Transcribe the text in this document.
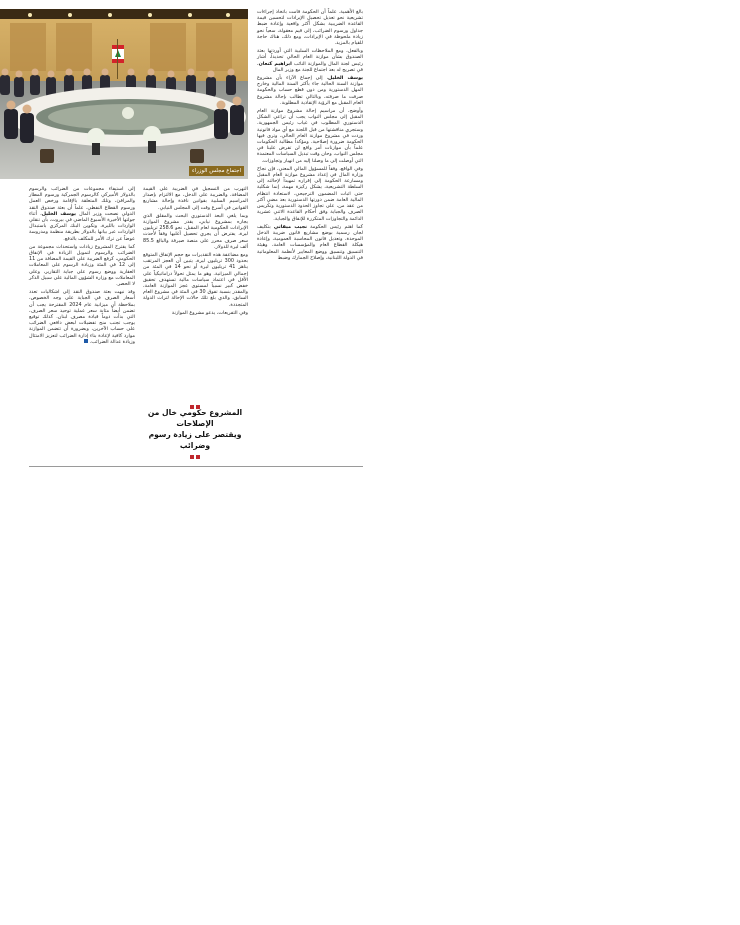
اجتماع مجلس الوزراء

بالغ الأهمية. علماً أن الحكومة قامت باتخاذ إجراءات تشريعية نحو تعديل تحصيل الإيرادات لتحسين قيمة القاعدة الضريبية بشكل أكثر واقعية وإعادة ضبط جداول ورسوم الضرائب، إلى قيم معقولة، سعياً نحو زيادة ملحوظة في الإيرادات، ومع ذلك، هناك حاجة للقيام بالمزيد.

وبالفعل، ومع الملاحظات السلبية التي أوردتها بعثة الصندوق بشأن موازنة العام الحالي تحديداً، أشار رئيس لجنة المال والموازنة النائب ابراهيم كنعان، في تصريح له بعد اجتماع للجنة مع وزير المال

يوسف الخليل، إلى إجماع الآراء بأن مشروع موازنة السنة الحالية جاء بأكثر السنة المالية وخارج المهل الدستورية ومن دون قطع حساب والحكومة صرفت ما صرفته، وبالتالي تطالب بإحالة مشروع العام المقبل مع الرؤية الإنقاذية المطلوبة.

وأوضح، أن مراسيم إحالة مشروع موازنة العام المقبل إلى مجلس النواب يجب أن تراعي الشكل الدستوري المطلوب في غياب رئيس الجمهورية. وستجري مناقشتها من قبل اللجنة مع أي مواد قانونية وردت في مشروع موازنة العام الحالي، وترى فيها الحكومة ضرورة إصلاحية. ومؤكداً مطالبة الحكومات علماً بأن موازنات أمر واقع لن تفرض علينا في مجلس النواب، وحان وقت تبديل السياسات المعتمدة التي أوصلت إلى ما وصلنا إليه من انهيار وتجاوزات.

وفي الواقع، وفقاً للمسؤول المالي المعني، فإن نجاح وزارة المال في إعداد مشروع موازنة العام المقبل ومسارعة الحكومة إلى إقراره تمهيداً لإحالته إلى السلطة التشريعية، يشكل ركيزة مهمة، إنما شكلية حتى اثبات المضمون الترجيحي، لاستعادة انتظام المالية العامة ضمن دورتها الدستورية بعد مضي أكثر من عقد من، على تجاوز الحدود الدستورية وتكريس الصرف والجباية وفق أحكام القاعدة الاثني عشرية الدائمة والتجاوزات المتكررة للإنفاق والجباية.

كما اهتم رئيس الحكومة نجيب ميقاتي بتكليف لجان رسمية بوضع مشاريع قانون ضريبة الدخل الموحدة، وتعديل قانون المحاسبة العمومية، وإعادة هيكلة القطاع العام والمؤسسات العامة، وهيئة التنسيق وتنسيق ووضع المعايير لأنظمة المعلوماتية في الدولة اللبنانية، وإصلاح الجمارك وضبط

التهرب من التسجيل في الضريبة على القيمة المضافة، والضريبة على الدخل، مع الالتزام بإصدار المراسيم السلبية بقوانين نافذة وإحالة مشاريع القوانين في أسرع وقت إلى المجلس النيابي.

وبما يلغي البعد الدستوري البحث والمقلق الذي يجاره بمشروع نيابي، يقدر مشروع الموازنة الإيرادات الحكومية لعام المقبل، نحو 258.6 تريليون ليرة، يفترض أن يجري تحصيل أغلبها وفقاً لأحدث سعر صرف محرر على منصة صيرفة والبالغ 85.5 ألف ليرة للدولار.

ومع مضاعفة هذه التقديرات مع حجم الإنفاق المتوقع بحدود 300 تريليون ليرة، يتبين أن العجز المرتقب يناهز 41 تريليون ليرة أو نحو 14 في المئة من إجمالي الميزانية. وهو ما يمثل تحولاً دراماتيكياً على الأقل في اعتماد سياسات مالية تستهدف تحقيق خفض كبير نسبياً لمستوى عجز الموازنة العامة، والمقدر بنسبة تفوق 30 في المئة في مشروع العام السابق، والذي بلغ تلك حالات الإحالة لتراث الدولة المتجددة.

وفي التفريعات، يدعو مشروع الموازنة

المشروع حكومي خال من الإصلاحات
ويقتصر على زيادة رسوم وضرائب

إلى استيفاء مجموعات من الضرائب والرسوم بالدولار الأميركي كالرسوم الجمركية ورسوم المطار والمرافئ، وتلك المتعلقة بالإقامة ورخص العمل ورسوم القطاع النفطي. علماً أن بعثة صندوق النقد الدولي نصحت وزير المال يوسف الخليل، أثناء جولتها الأخيرة الأسبوع الماضي في بيروت، بأن تنقلي الواردات بالليرة، وتكوين البنك المركزي باستبدال الواردات عبر بيانها بالدولار بطريقة منظمة ومدروسة عوضاً عن ترك الأمر للمكلف بالدفع.

كما يقترح المشروع زيادات واستحداث مجموعة من الضرائب والرسوم لتمويل الزيادة في الإنفاق الحكومي، كرفع الضريبة على القيمة المضافة من 11 إلى 12 في المئة وزيادة الرسوم على المعاملات العقارية ووضع رسوم على جباية التقارير، وعلى المعاملات مع وزارة الشؤون المالية على سبيل الذكر لا الحصر.

وقد نبهت بعثة صندوق النقد إلى اشكاليات تعدد أسعار الصرف في الجباية على وجه الخصوص، بملاحظة أن ميزانية عام 2024 المقترحة يجب أن تضمن أيضاً مثابة سعر عملية توحيد سعر الصرف، التي بدأت دوماً قيادة مصرف لبنان. كذلك توقيع يوجب تجنب منح تفضيلات لبعض دافعي الضرائب على حساب الآخرين، وبضرورة أن تتضمن الموازنة موارد كافية لإعادة بناء إدارة الضرائب لتعزيز الامتثال وزيادة عدالة الضرائب.
